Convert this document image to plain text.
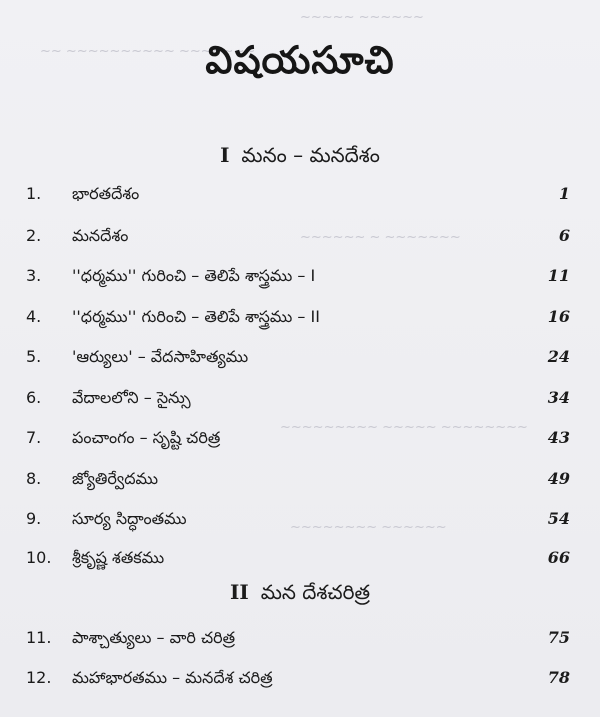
~~~~~ ~~~~~~
~~ ~~~~~~~~~~ ~~~~~~~
~~~~~~ ~ ~~~~~~~
~~~~~~~~~ ~~~~~ ~~~~~~~~
~~~~~~~~ ~~~~~~
విషయసూచి
I మనం – మనదేశం
1.	భారతదేశం	1
2.	మనదేశం	6
3.	''ధర్మము'' గురించి – తెలిపే శాస్త్రము – I	11
4.	''ధర్మము'' గురించి – తెలిపే శాస్త్రము – II	16
5.	'ఆర్యులు' – వేదసాహిత్యము	24
6.	వేదాలలోని – సైన్సు	34
7.	పంచాంగం – సృష్టి చరిత్ర	43
8.	జ్యోతిర్వేదము	49
9.	సూర్య సిద్ధాంతము	54
10.	శ్రీకృష్ణ శతకము	66
II మన దేశచరిత్ర
11.	పాశ్చాత్యులు – వారి చరిత్ర	75
12.	మహాభారతము – మనదేశ చరిత్ర	78
